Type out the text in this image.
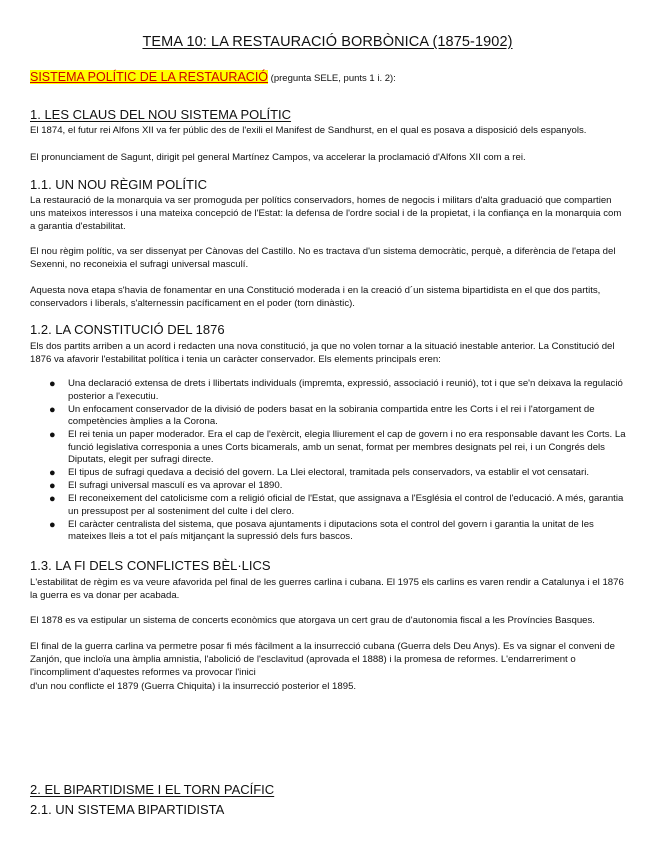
TEMA 10: LA RESTAURACIÓ BORBÒNICA (1875-1902)
SISTEMA POLÍTIC DE LA RESTAURACIÓ (pregunta SELE, punts 1 i. 2):
1. LES CLAUS DEL NOU SISTEMA POLÍTIC

El 1874, el futur rei Alfons XII va fer públic des de l'exili el Manifest de Sandhurst, en el qual es posava a disposició dels espanyols.

El pronunciament de Sagunt, dirigit pel general Martínez Campos, va accelerar la proclamació d'Alfons XII com a rei.

1.1. UN NOU RÈGIM POLÍTIC

La restauració de la monarquia va ser promoguda per polítics conservadors, homes de negocis i militars d'alta graduació que compartien uns mateixos interessos i una mateixa concepció de l'Estat: la defensa de l'ordre social i de la propietat, i la confiança en la monarquia com a garantia d'estabilitat.

El nou règim polític, va ser dissenyat per Cànovas del Castillo. No es tractava d'un sistema democràtic, perquè, a diferència de l'etapa del Sexenni, no reconeixia el sufragi universal masculí.

Aquesta nova etapa s'havia de fonamentar en una Constitució moderada i en la creació d´un sistema bipartidista en el que dos partits, conservadors i liberals, s'alternessin pacíficament en el poder (torn dinàstic).

1.2. LA CONSTITUCIÓ DEL 1876

Els dos partits arriben a un acord i redacten una nova constitució, ja que no volen tornar a la situació inestable anterior. La Constitució del 1876 va afavorir l'estabilitat política i tenia un caràcter conservador. Els elements principals eren:

● Una declaració extensa de drets i llibertats individuals (impremta, expressió, associació i reunió), tot i que se'n deixava la regulació posterior a l'executiu.
● Un enfocament conservador de la divisió de poders basat en la sobirania compartida entre les Corts i el rei i l'atorgament de competències àmplies a la Corona.
● El rei tenia un paper moderador. Era el cap de l'exèrcit, elegia lliurement el cap de govern i no era responsable davant les Corts. La funció legislativa corresponia a unes Corts bicamerals, amb un senat, format per membres designats pel rei, i un Congrés dels Diputats, elegit per sufragi directe.
● El tipus de sufragi quedava a decisió del govern. La Llei electoral, tramitada pels conservadors, va establir el vot censatari.
● El sufragi universal masculí es va aprovar el 1890.
● El reconeixement del catolicisme com a religió oficial de l'Estat, que assignava a l'Església el control de l'educació. A més, garantia un pressupost per al sosteniment del culte i del clero.
● El caràcter centralista del sistema, que posava ajuntaments i diputacions sota el control del govern i garantia la unitat de les mateixes lleis a tot el país mitjançant la supressió dels furs bascos.
1.3. LA FI DELS CONFLICTES BÈL·LICS

L'estabilitat de règim es va veure afavorida pel final de les guerres carlina i cubana. El 1975 els carlins es varen rendir a Catalunya i el 1876 la guerra es va donar per acabada.

El 1878 es va estipular un sistema de concerts econòmics que atorgava un cert grau de d'autonomia fiscal a les Províncies Basques.

El final de la guerra carlina va permetre posar fi més fàcilment a la insurrecció cubana (Guerra dels Deu Anys). Es va signar el conveni de Zanjón, que incloïa una àmplia amnistia, l'abolició de l'esclavitud (aprovada el 1888) i la promesa de reformes. L'endarreriment o l'incompliment d'aquestes reformes va provocar l'inici

d'un nou conflicte el 1879 (Guerra Chiquita) i la insurrecció posterior el 1895.

2. EL BIPARTIDISME I EL TORN PACÍFIC
2.1. UN SISTEMA BIPARTIDISTA
